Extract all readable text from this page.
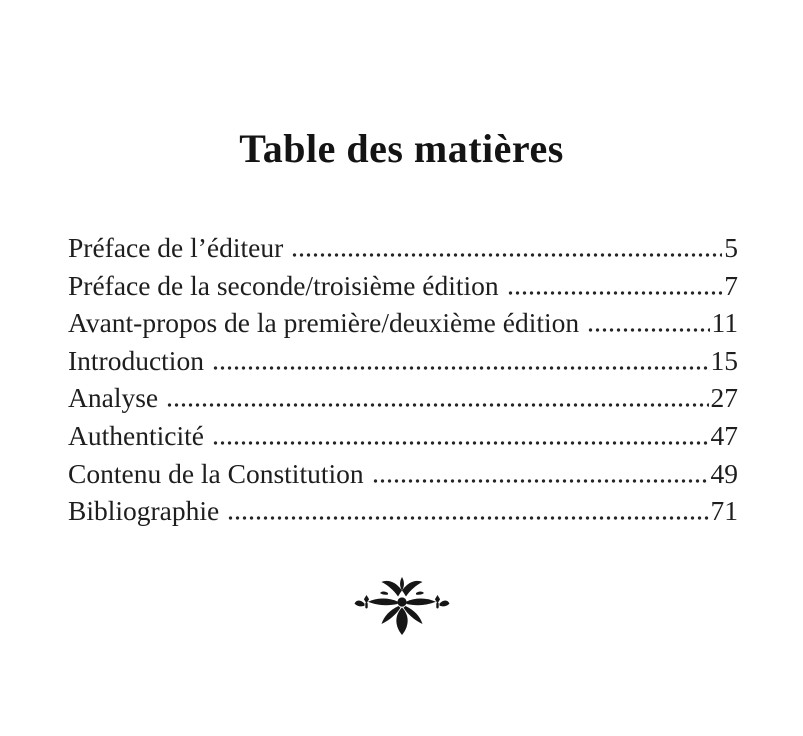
Table des matières
Préface de l’éditeur	5
Préface de la seconde/troisième édition	7
Avant-propos de la première/deuxième édition	11
Introduction	15
Analyse	27
Authenticité	47
Contenu de la Constitution	49
Bibliographie	71
